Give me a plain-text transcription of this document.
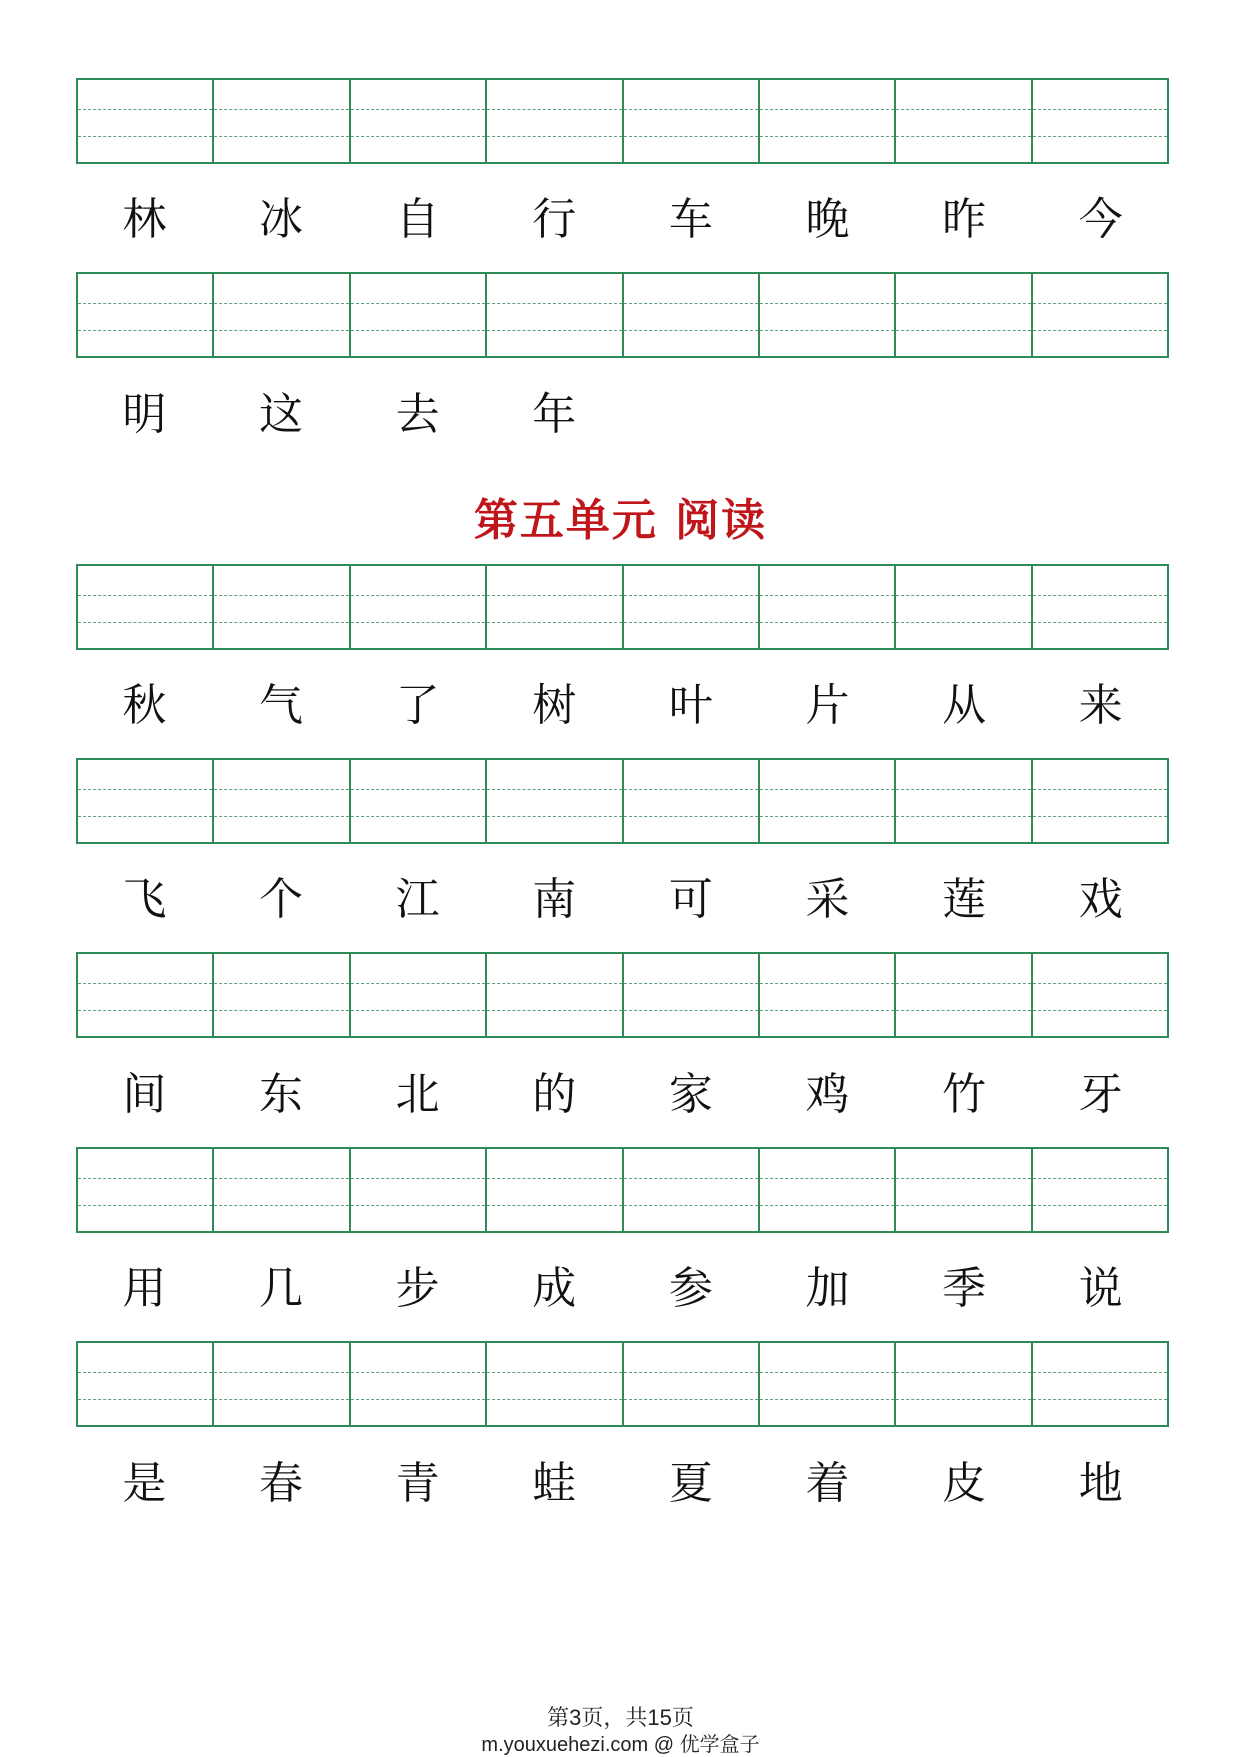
林	冰	自	行	车	晚	昨	今
明	这	去	年
第五单元 阅读
秋	气	了	树	叶	片	从	来
飞	个	江	南	可	采	莲	戏
间	东	北	的	家	鸡	竹	牙
用	几	步	成	参	加	季	说
是	春	青	蛙	夏	着	皮	地
第3页，共15页
m.youxuehezi.com @ 优学盒子
